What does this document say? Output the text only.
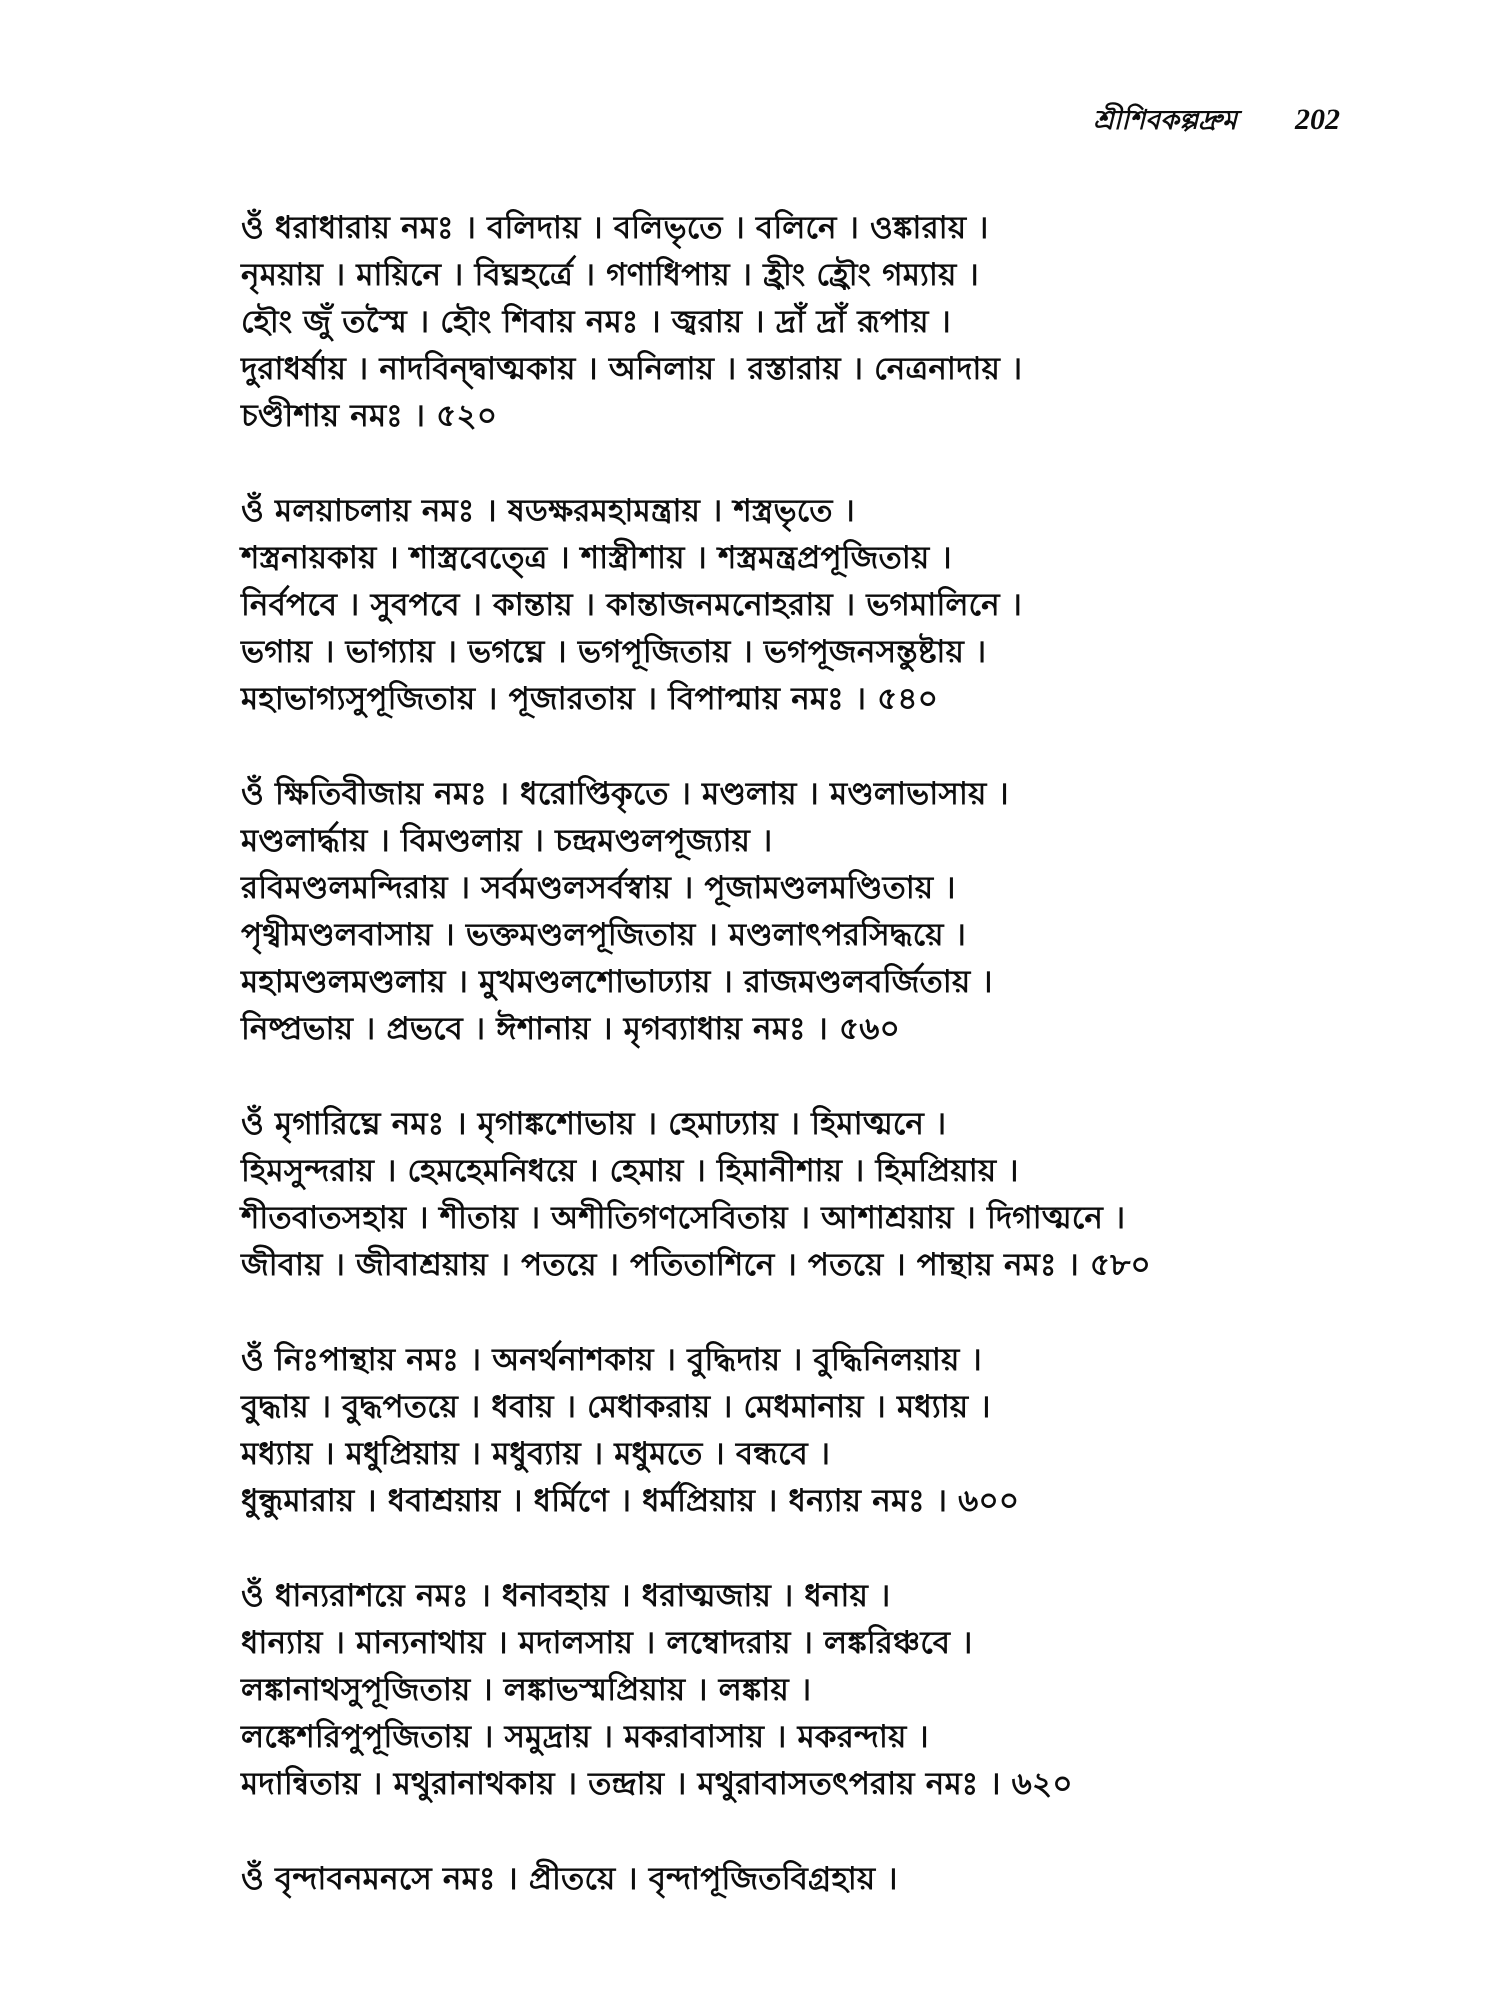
শ্রীশিবকল্পদ্রুম 202
ওঁ ধরাধারায় নমঃ । বলিদায় । বলিভৃতে । বলিনে । ওঙ্কারায় ।
নৃময়ায় । মায়িনে । বিঘ্নহর্ত্রে । গণাধিপায় । হ্রীং হ্রৌং গম্যায় ।
হৌং জুঁ তস্মৈ । হৌং শিবায় নমঃ । জ্বরায় । দ্রাঁ দ্রাঁ রূপায় ।
দুরাধর্ষায় । নাদবিন্দ্বাত্মকায় । অনিলায় । রস্তারায় । নেত্রনাদায় ।
চণ্ডীশায় নমঃ । ৫২০
ওঁ মলয়াচলায় নমঃ । ষডক্ষরমহামন্ত্রায় । শস্ত্রভৃতে ।
শস্ত্রনায়কায় । শাস্ত্রবেত্ত্রে । শাস্ত্রীশায় । শস্ত্রমন্ত্রপ্রপূজিতায় ।
নির্বপবে । সুবপবে । কান্তায় । কান্তাজনমনোহরায় । ভগমালিনে ।
ভগায় । ভাগ্যায় । ভগঘ্নে । ভগপূজিতায় । ভগপূজনসন্তুষ্টায় ।
মহাভাগ্যসুপূজিতায় । পূজারতায় । বিপাপ্মায় নমঃ । ৫৪০
ওঁ ক্ষিতিবীজায় নমঃ । ধরোপ্তিকৃতে । মণ্ডলায় । মণ্ডলাভাসায় ।
মণ্ডলার্দ্ধায় । বিমণ্ডলায় । চন্দ্রমণ্ডলপূজ্যায় ।
রবিমণ্ডলমন্দিরায় । সর্বমণ্ডলসর্বস্বায় । পূজামণ্ডলমণ্ডিতায় ।
পৃথ্বীমণ্ডলবাসায় । ভক্তমণ্ডলপূজিতায় । মণ্ডলাৎপরসিদ্ধয়ে ।
মহামণ্ডলমণ্ডলায় । মুখমণ্ডলশোভাঢ্যায় । রাজমণ্ডলবর্জিতায় ।
নিষ্প্রভায় । প্রভবে । ঈশানায় । মৃগব্যাধায় নমঃ । ৫৬০
ওঁ মৃগারিঘ্নে নমঃ । মৃগাঙ্কশোভায় । হেমাঢ্যায় । হিমাত্মনে ।
হিমসুন্দরায় । হেমহেমনিধয়ে । হেমায় । হিমানীশায় । হিমপ্রিয়ায় ।
শীতবাতসহায় । শীতায় । অশীতিগণসেবিতায় । আশাশ্রয়ায় । দিগাত্মনে ।
জীবায় । জীবাশ্রয়ায় । পতয়ে । পতিতাশিনে । পতয়ে । পান্থায় নমঃ । ৫৮০
ওঁ নিঃপান্থায় নমঃ । অনর্থনাশকায় । বুদ্ধিদায় । বুদ্ধিনিলয়ায় ।
বুদ্ধায় । বুদ্ধপতয়ে । ধবায় । মেধাকরায় । মেধমানায় । মধ্যায় ।
মধ্যায় । মধুপ্রিয়ায় । মধুব্যায় । মধুমতে । বন্ধবে ।
ধুন্ধুমারায় । ধবাশ্রয়ায় । ধর্মিণে । ধর্মপ্রিয়ায় । ধন্যায় নমঃ । ৬০০
ওঁ ধান্যরাশয়ে নমঃ । ধনাবহায় । ধরাত্মজায় । ধনায় ।
ধান্যায় । মান্যনাথায় । মদালসায় । লম্বোদরায় । লঙ্করিঞ্চবে ।
লঙ্কানাথসুপূজিতায় । লঙ্কাভস্মপ্রিয়ায় । লঙ্কায় ।
লঙ্কেশরিপুপূজিতায় । সমুদ্রায় । মকরাবাসায় । মকরন্দায় ।
মদান্বিতায় । মথুরানাথকায় । তন্দ্রায় । মথুরাবাসতৎপরায় নমঃ । ৬২০
ওঁ বৃন্দাবনমনসে নমঃ । প্রীতয়ে । বৃন্দাপূজিতবিগ্রহায় ।
